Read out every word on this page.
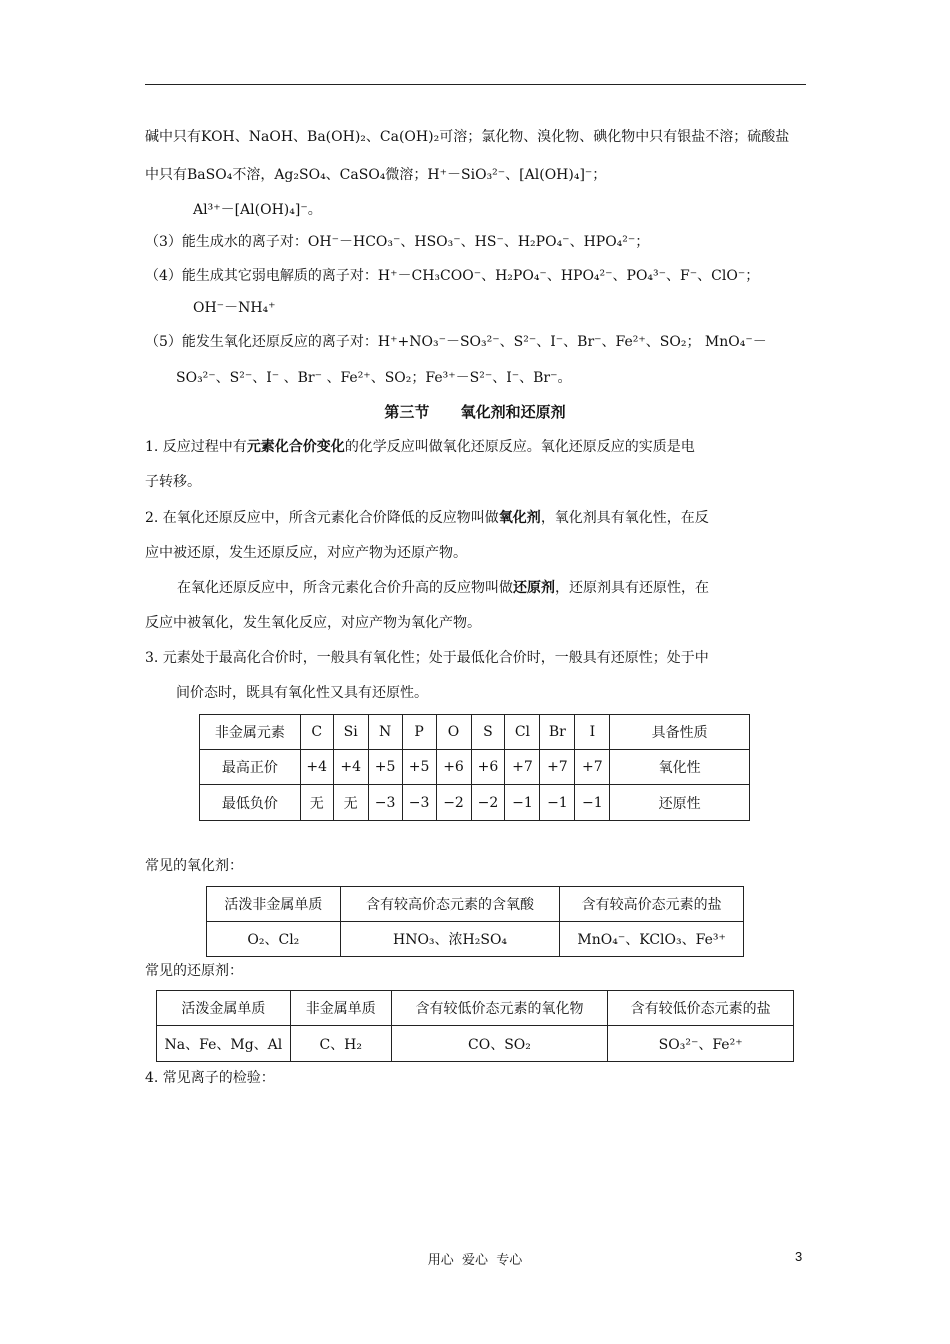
碱中只有KOH、NaOH、Ba(OH)₂、Ca(OH)₂可溶；氯化物、溴化物、碘化物中只有银盐不溶；硫酸盐
中只有BaSO₄不溶，Ag₂SO₄、CaSO₄微溶；H⁺－SiO₃²⁻、[Al(OH)₄]⁻；
Al³⁺－[Al(OH)₄]⁻。
（3）能生成水的离子对：OH⁻－HCO₃⁻、HSO₃⁻、HS⁻、H₂PO₄⁻、HPO₄²⁻；
（4）能生成其它弱电解质的离子对：H⁺－CH₃COO⁻、H₂PO₄⁻、HPO₄²⁻、PO₄³⁻、F⁻、ClO⁻；
OH⁻－NH₄⁺
（5）能发生氧化还原反应的离子对：H⁺+NO₃⁻－SO₃²⁻、S²⁻、I⁻、Br⁻、Fe²⁺、SO₂； MnO₄⁻－
SO₃²⁻、S²⁻、I⁻ 、Br⁻ 、Fe²⁺、SO₂；Fe³⁺－S²⁻、I⁻、Br⁻。
第三节      氧化剂和还原剂
1. 反应过程中有元素化合价变化的化学反应叫做氧化还原反应。氧化还原反应的实质是电
子转移。
2. 在氧化还原反应中，所含元素化合价降低的反应物叫做氧化剂，氧化剂具有氧化性，在反
应中被还原，发生还原反应，对应产物为还原产物。
在氧化还原反应中，所含元素化合价升高的反应物叫做还原剂，还原剂具有还原性，在
反应中被氧化，发生氧化反应，对应产物为氧化产物。
3. 元素处于最高化合价时，一般具有氧化性；处于最低化合价时，一般具有还原性；处于中
间价态时，既具有氧化性又具有还原性。
非金属元素	C	Si	N	P	O	S	Cl	Br	I	具备性质
最高正价	+4	+4	+5	+5	+6	+6	+7	+7	+7	氧化性
最低负价	无	无	−3	−3	−2	−2	−1	−1	−1	还原性
常见的氧化剂：
活泼非金属单质	含有较高价态元素的含氧酸	含有较高价态元素的盐
O₂、Cl₂	HNO₃、浓H₂SO₄	MnO₄⁻、KClO₃、Fe³⁺
常见的还原剂：
活泼金属单质	非金属单质	含有较低价态元素的氧化物	含有较低价态元素的盐
Na、Fe、Mg、Al	C、H₂	CO、SO₂	SO₃²⁻、Fe²⁺
4. 常见离子的检验：
用心  爱心  专心	3
